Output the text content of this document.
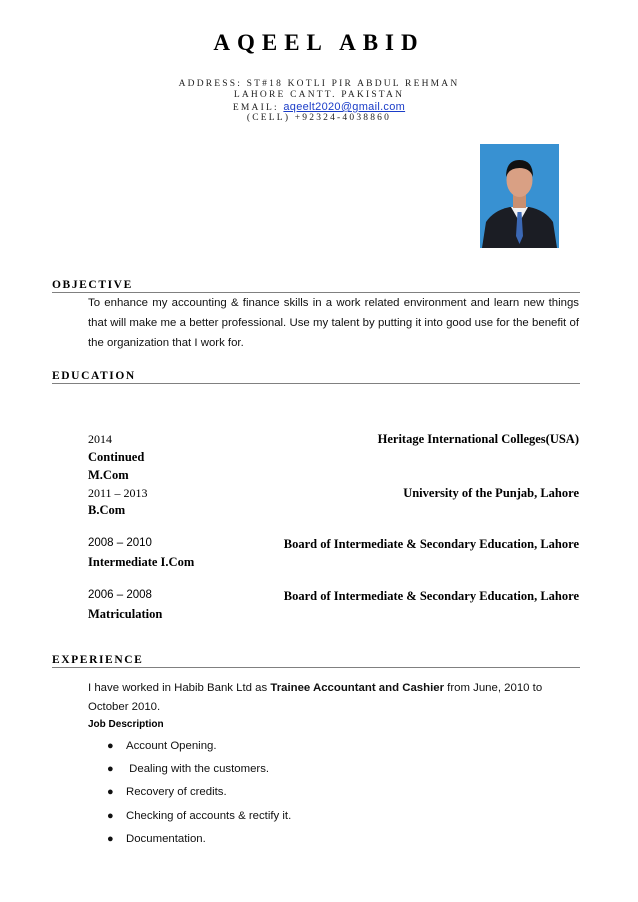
AQEEL ABID
ADDRESS: ST#18 KOTLI PIR ABDUL REHMAN
LAHORE CANTT. PAKISTAN
EMAIL: aqeelt2020@gmail.com
(CELL) +92324-4038860
OBJECTIVE
To enhance my accounting & finance skills in a work related environment and learn new things that will make me a better professional. Use my talent by putting it into good use for the benefit of the organization that I work for.
EDUCATION
2014	Heritage International Colleges(USA)
Continued
M.Com
2011 – 2013	University of the Punjab, Lahore
B.Com
2008 – 2010	Board of Intermediate & Secondary Education, Lahore
Intermediate I.Com
2006 – 2008	Board of Intermediate & Secondary Education, Lahore
Matriculation
EXPERIENCE
I have worked in Habib Bank Ltd as Trainee Accountant and Cashier from June, 2010 to
October 2010.
Job Description
● Account Opening.
● Dealing with the customers.
● Recovery of credits.
● Checking of accounts & rectify it.
● Documentation.
